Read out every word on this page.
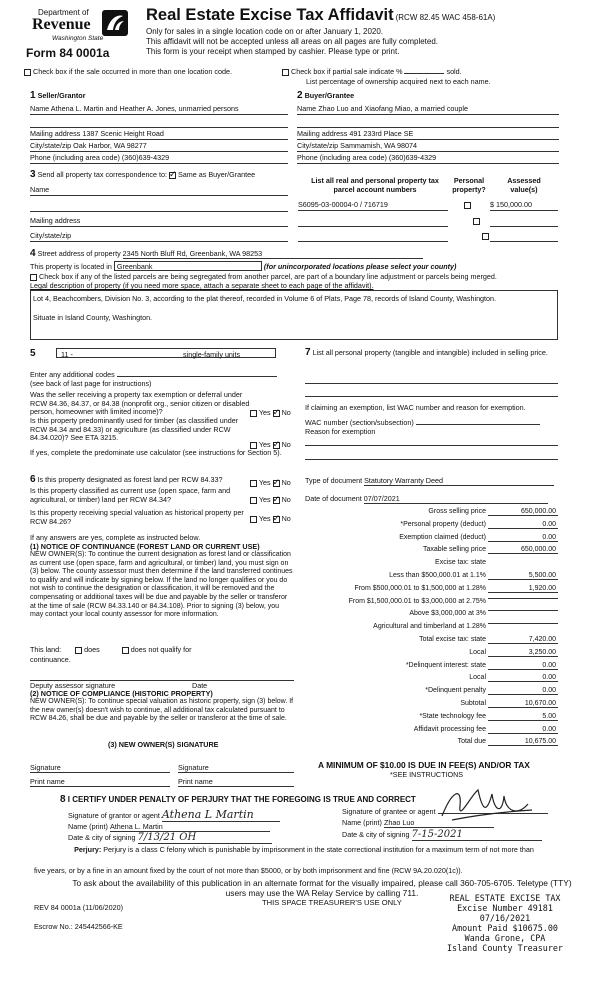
Department of
Revenue
Washington State
Form 84 0001a
Real Estate Excise Tax Affidavit (RCW 82.45 WAC 458-61A)
Only for sales in a single location code on or after January 1, 2020.
This affidavit will not be accepted unless all areas on all pages are fully completed.
This form is your receipt when stamped by cashier. Please type or print.
Check box if the sale occurred in more than one location code.	Check box if partial sale indicate %	sold.
List percentage of ownership acquired next to each name.
1 Seller/Grantor
Name Athena L. Martin and Heather A. Jones, unmarried persons
Mailing address 1387 Scenic Height Road
City/state/zip Oak Harbor, WA 98277
Phone (including area code) (360)639-4329
2 Buyer/Grantee
Name Zhao Luo and Xiaofang Miao, a married couple
Mailing address 491 233rd Place SE
City/state/zip Sammamish, WA 98074
Phone (including area code) (360)639-4329
3 Send all property tax correspondence to: ✓ Same as Buyer/Grantee
Name
Mailing address
City/state/zip
List all real and personal property tax parcel account numbers
Personal property?
Assessed value(s)
S6095-03-00004-0 / 716719
	$ 150,000.00

4 Street address of property 2345 North Bluff Rd, Greenbank, WA 98253
This property is located in Greenbank	(for unincorporated locations please select your county)
Check box if any of the listed parcels are being segregated from another parcel, are part of a boundary line adjustment or parcels being merged.
Legal description of property (if you need more space, attach a separate sheet to each page of the affidavit).
Lot 4, Beachcombers, Division No. 3, according to the plat thereof, recorded in Volume 6 of Plats, Page 78, records of Island County, Washington.
Situate in Island County, Washington.
5	11 -	single-family units
Enter any additional codes
(see back of last page for instructions)
Was the seller receiving a property tax exemption or deferral under RCW 84.36, 84.37, or 84.38 (nonprofit org., senior citizen or disabled person, homeowner with limited income)?	Yes ✓ No
Is this property predominantly used for timber (as classified under RCW 84.34 and 84.33) or agriculture (as classified under RCW 84.34.020)? See ETA 3215.
Yes ✓ No
If yes, complete the predominate use calculator (see instructions for Section 5).
6 Is this property designated as forest land per RCW 84.33?	Yes ✓ No
Is this property classified as current use (open space, farm and agricultural, or timber) land per RCW 84.34?	Yes ✓ No
Is this property receiving special valuation as historical property per RCW 84.26?	Yes ✓ No
If any answers are yes, complete as instructed below.
(1) NOTICE OF CONTINUANCE (FOREST LAND OR CURRENT USE)
NEW OWNER(S): To continue the current designation as forest land or classification as current use (open space, farm and agricultural, or timber) land, you must sign on (3) below. The county assessor must then determine if the land transferred continues to qualify and will indicate by signing below. If the land no longer qualifies or you do not wish to continue the designation or classification, it will be removed and the compensating or additional taxes will be due and payable by the seller or transferor at the time of sale (RCW 84.33.140 or 84.34.108). Prior to signing (3) below, you may contact your local county assessor for more information.
This land:	does	does not qualify for
continuance.
Deputy assessor signature	Date
(2) NOTICE OF COMPLIANCE (HISTORIC PROPERTY)
NEW OWNER(S): To continue special valuation as historic property, sign (3) below. If the new owner(s) doesn't wish to continue, all additional tax calculated pursuant to RCW 84.26, shall be due and payable by the seller or transferor at the time of sale.
(3) NEW OWNER(S) SIGNATURE
Signature	Signature
Print name	Print name
7 List all personal property (tangible and intangible) included in selling price.
If claiming an exemption, list WAC number and reason for exemption.
WAC number (section/subsection)
Reason for exemption
Type of document Statutory Warranty Deed
Date of document 07/07/2021
Gross selling price	650,000.00
*Personal property (deduct)	0.00
Exemption claimed (deduct)	0.00
Taxable selling price	650,000.00
Excise tax: state
Less than $500,000.01 at 1.1%	5,500.00
From $500,000.01 to $1,500,000 at 1.28%	1,920.00
From $1,500,000.01 to $3,000,000 at 2.75%
Above $3,000,000 at 3%
Agricultural and timberland at 1.28%
Total excise tax: state	7,420.00
Local	3,250.00
*Delinquent interest: state	0.00
Local	0.00
*Delinquent penalty	0.00
Subtotal	10,670.00
*State technology fee	5.00
Affidavit processing fee	0.00
Total due	10,675.00
A MINIMUM OF $10.00 IS DUE IN FEE(S) AND/OR TAX
*SEE INSTRUCTIONS
8 I CERTIFY UNDER PENALTY OF PERJURY THAT THE FOREGOING IS TRUE AND CORRECT
Signature of grantor or agent Athena L Martin
Name (print) Athena L. Martin
Date & city of signing 7/13/21 OH
Signature of grantee or agent
Name (print) Zhao Luo
Date & city of signing 7-15-2021
Perjury: Perjury is a class C felony which is punishable by imprisonment in the state correctional institution for a maximum term of not more than
five years, or by a fine in an amount fixed by the court of not more than $5000, or by both imprisonment and fine (RCW 9A.20.020(1c)).
To ask about the availability of this publication in an alternate format for the visually impaired, please call 360-705-6705. Teletype (TTY) users may use the WA Relay Service by calling 711.
REV 84 0001a (11/06/2020)
THIS SPACE TREASURER'S USE ONLY
Escrow No.: 245442566-KE
REAL ESTATE EXCISE TAX
Excise Number 49181
07/16/2021
Amount Paid $10675.00
Wanda Grone, CPA
Island County Treasurer
